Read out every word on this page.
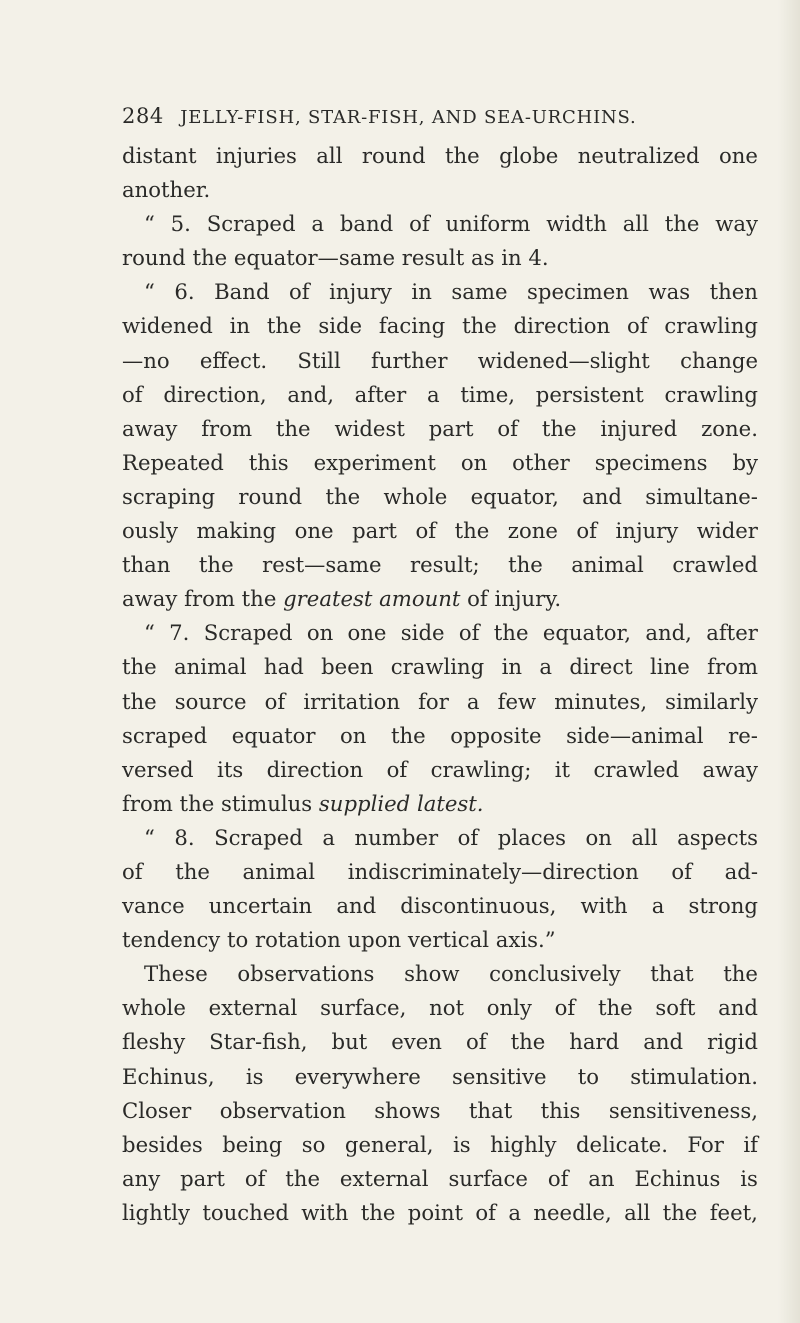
284 JELLY-FISH, STAR-FISH, AND SEA-URCHINS.
distant injuries all round the globe neutralized one
another.
“ 5. Scraped a band of uniform width all the way
round the equator—same result as in 4.
“ 6. Band of injury in same specimen was then
widened in the side facing the direction of crawling
—no effect. Still further widened—slight change
of direction, and, after a time, persistent crawling
away from the widest part of the injured zone.
Repeated this experiment on other specimens by
scraping round the whole equator, and simultane-
ously making one part of the zone of injury wider
than the rest—same result; the animal crawled
away from the greatest amount of injury.
“ 7. Scraped on one side of the equator, and, after
the animal had been crawling in a direct line from
the source of irritation for a few minutes, similarly
scraped equator on the opposite side—animal re-
versed its direction of crawling; it crawled away
from the stimulus supplied latest.
“ 8. Scraped a number of places on all aspects
of the animal indiscriminately—direction of ad-
vance uncertain and discontinuous, with a strong
tendency to rotation upon vertical axis.”
These observations show conclusively that the
whole external surface, not only of the soft and
fleshy Star-fish, but even of the hard and rigid
Echinus, is everywhere sensitive to stimulation.
Closer observation shows that this sensitiveness,
besides being so general, is highly delicate. For if
any part of the external surface of an Echinus is
lightly touched with the point of a needle, all the feet,
